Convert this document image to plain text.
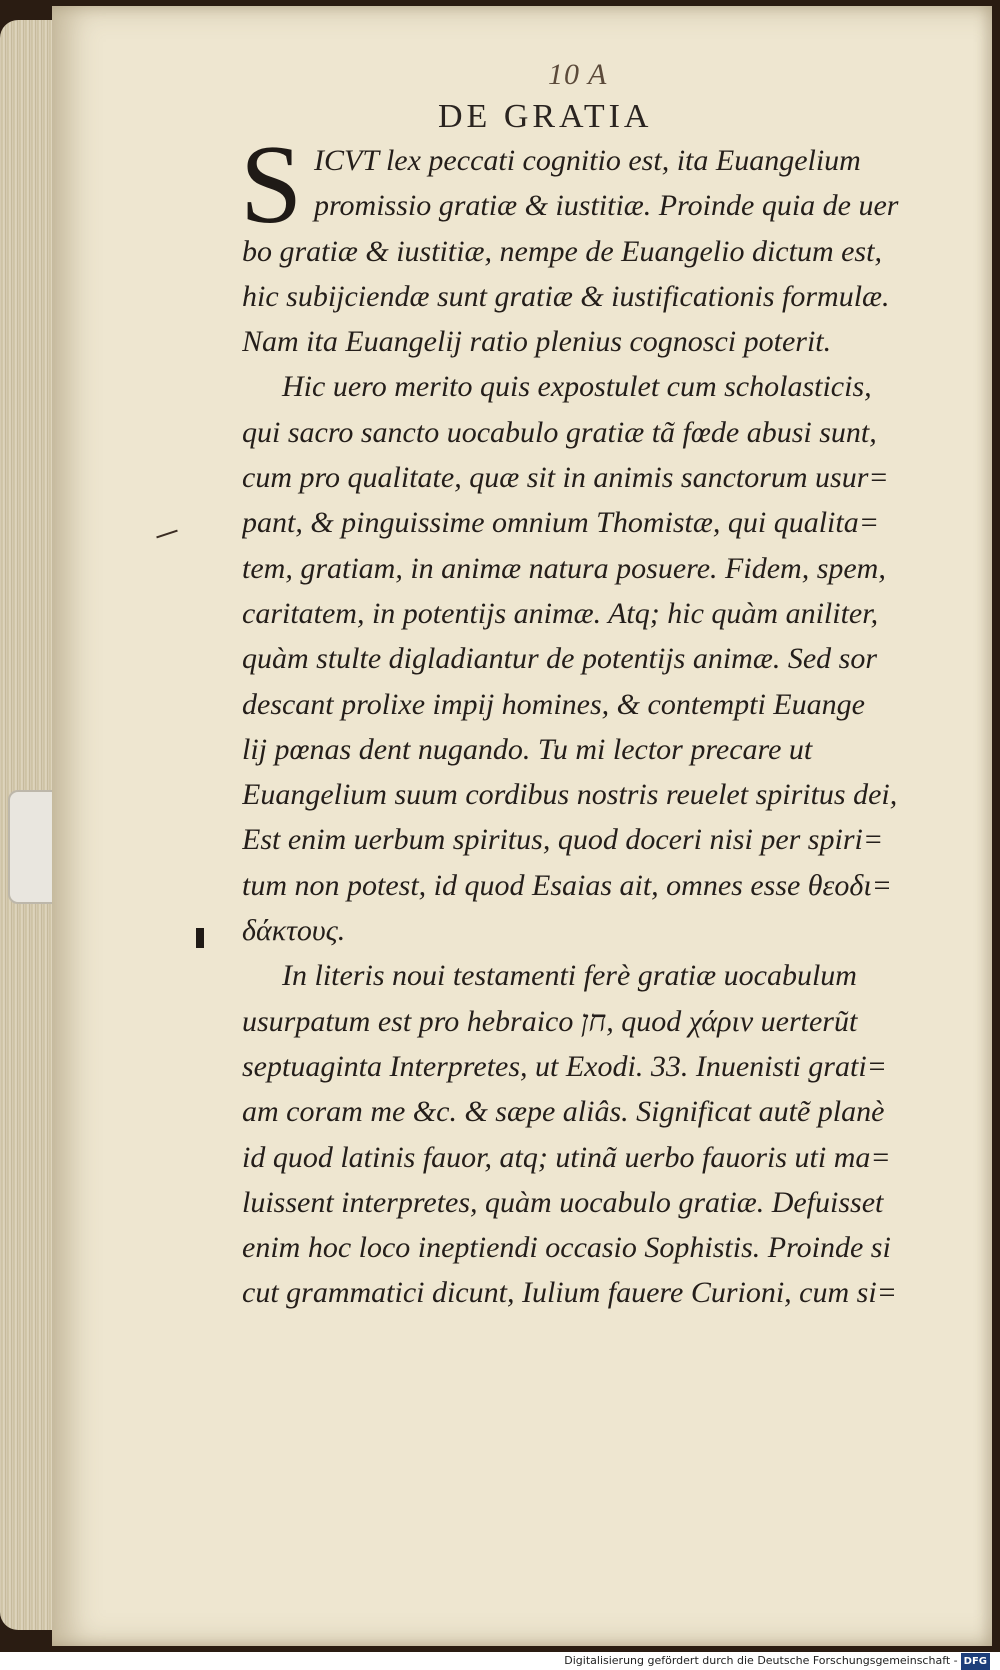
10 A
DE GRATIA
S ICVT lex peccati cognitio est, ita Euangelium
promissio gratiæ & iustitiæ. Proinde quia de uer
bo gratiæ & iustitiæ, nempe de Euangelio dictum est,
hic subijciendæ sunt gratiæ & iustificationis formulæ.
Nam ita Euangelij ratio plenius cognosci poterit.
Hic uero merito quis expostulet cum scholasticis,
qui sacro sancto uocabulo gratiæ tã fœde abusi sunt,
cum pro qualitate, quæ sit in animis sanctorum usur=
pant, & pinguissime omnium Thomistæ, qui qualita=
tem, gratiam, in animæ natura posuere. Fidem, spem,
caritatem, in potentijs animæ. Atq; hic quàm aniliter,
quàm stulte digladiantur de potentijs animæ. Sed sor
descant prolixe impij homines, & contempti Euange
lij pœnas dent nugando. Tu mi lector precare ut
Euangelium suum cordibus nostris reuelet spiritus dei,
Est enim uerbum spiritus, quod doceri nisi per spiri=
tum non potest, id quod Esaias ait, omnes esse θεοδι=
δάκτους.
In literis noui testamenti ferè gratiæ uocabulum
usurpatum est pro hebraico חן, quod χάριν uerterũt
septuaginta Interpretes, ut Exodi. 33. Inuenisti grati=
am coram me &c. & sæpe aliâs. Significat autẽ planè
id quod latinis fauor, atq; utinã uerbo fauoris uti ma=
luissent interpretes, quàm uocabulo gratiæ. Defuisset
enim hoc loco ineptiendi occasio Sophistis. Proinde si
cut grammatici dicunt, Iulium fauere Curioni, cum si=
Digitalisierung gefördert durch die Deutsche Forschungsgemeinschaft - DFG
